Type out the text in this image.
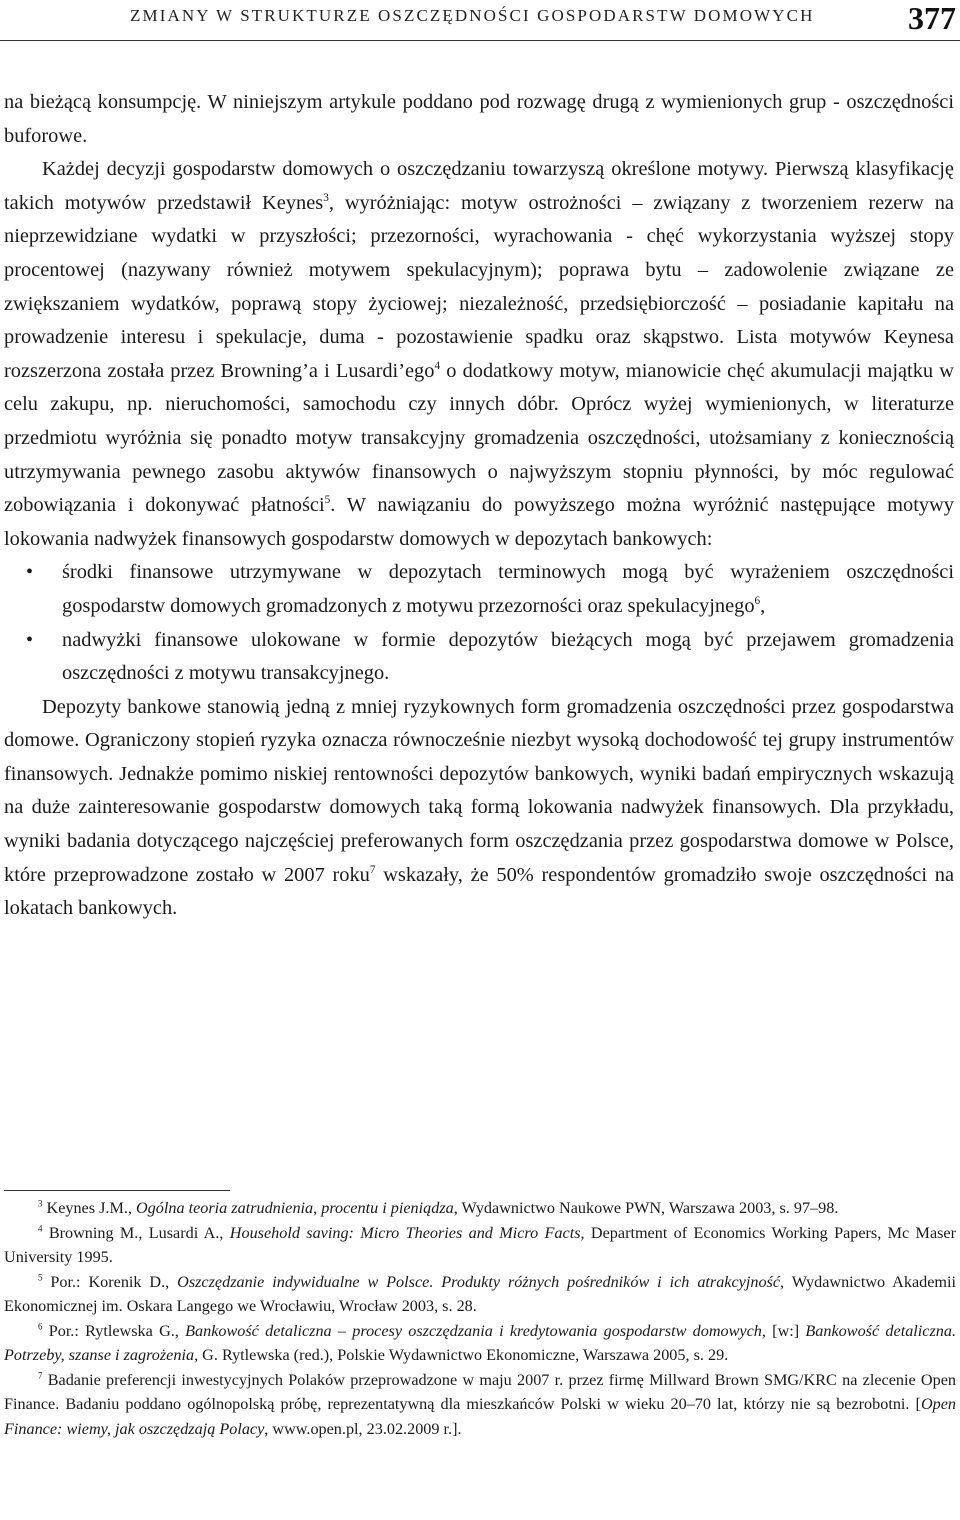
ZMIANY W STRUKTURZE OSZCZĘDNOŚCI GOSPODARSTW DOMOWYCH	377

na bieżącą konsumpcję. W niniejszym artykule poddano pod rozwagę drugą z wymienionych grup - oszczędności buforowe.

Każdej decyzji gospodarstw domowych o oszczędzaniu towarzyszą określone motywy. Pierwszą klasyfikację takich motywów przedstawił Keynes$^3$, wyróżniając: motyw ostrożności – związany z tworzeniem rezerw na nieprzewidziane wydatki w przyszłości; przezorności, wyrachowania - chęć wykorzystania wyższej stopy procentowej (nazywany również motywem spekulacyjnym); poprawa bytu – zadowolenie związane ze zwiększaniem wydatków, poprawą stopy życiowej; niezależność, przedsiębiorczość – posiadanie kapitału na prowadzenie interesu i spekulacje, duma - pozostawienie spadku oraz skąpstwo. Lista motywów Keynesa rozszerzona została przez Browning’a i Lusardi’ego$^4$ o dodatkowy motyw, mianowicie chęć akumulacji majątku w celu zakupu, np. nieruchomości, samochodu czy innych dóbr. Oprócz wyżej wymienionych, w literaturze przedmiotu wyróżnia się ponadto motyw transakcyjny gromadzenia oszczędności, utożsamiany z koniecznością utrzymywania pewnego zasobu aktywów finansowych o najwyższym stopniu płynności, by móc regulować zobowiązania i dokonywać płatności$^5$. W nawiązaniu do powyższego można wyróżnić następujące motywy lokowania nadwyżek finansowych gospodarstw domowych w depozytach bankowych:

• środki finansowe utrzymywane w depozytach terminowych mogą być wyrażeniem oszczędności gospodarstw domowych gromadzonych z motywu przezorności oraz spekulacyjnego$^6$,
• nadwyżki finansowe ulokowane w formie depozytów bieżących mogą być przejawem gromadzenia oszczędności z motywu transakcyjnego.

Depozyty bankowe stanowią jedną z mniej ryzykownych form gromadzenia oszczędności przez gospodarstwa domowe. Ograniczony stopień ryzyka oznacza równocześnie niezbyt wysoką dochodowość tej grupy instrumentów finansowych. Jednakże pomimo niskiej rentowności depozytów bankowych, wyniki badań empirycznych wskazują na duże zainteresowanie gospodarstw domowych taką formą lokowania nadwyżek finansowych. Dla przykładu, wyniki badania dotyczącego najczęściej preferowanych form oszczędzania przez gospodarstwa domowe w Polsce, które przeprowadzone zostało w 2007 roku$^7$ wskazały, że 50% respondentów gromadziło swoje oszczędności na lokatach bankowych.

$^3$ Keynes J.M., Ogólna teoria zatrudnienia, procentu i pieniądza, Wydawnictwo Naukowe PWN, Warszawa 2003, s. 97–98.

$^4$ Browning M., Lusardi A., Household saving: Micro Theories and Micro Facts, Department of Economics Working Papers, Mc Maser University 1995.

$^5$ Por.: Korenik D., Oszczędzanie indywidualne w Polsce. Produkty różnych pośredników i ich atrakcyjność, Wydawnictwo Akademii Ekonomicznej im. Oskara Langego we Wrocławiu, Wrocław 2003, s. 28.

$^6$ Por.: Rytlewska G., Bankowość detaliczna – procesy oszczędzania i kredytowania gospodarstw domowych, [w:] Bankowość detaliczna. Potrzeby, szanse i zagrożenia, G. Rytlewska (red.), Polskie Wydawnictwo Ekonomiczne, Warszawa 2005, s. 29.

$^7$ Badanie preferencji inwestycyjnych Polaków przeprowadzone w maju 2007 r. przez firmę Millward Brown SMG/KRC na zlecenie Open Finance. Badaniu poddano ogólnopolską próbę, reprezentatywną dla mieszkańców Polski w wieku 20–70 lat, którzy nie są bezrobotni. [Open Finance: wiemy, jak oszczędzają Polacy, www.open.pl, 23.02.2009 r.].
